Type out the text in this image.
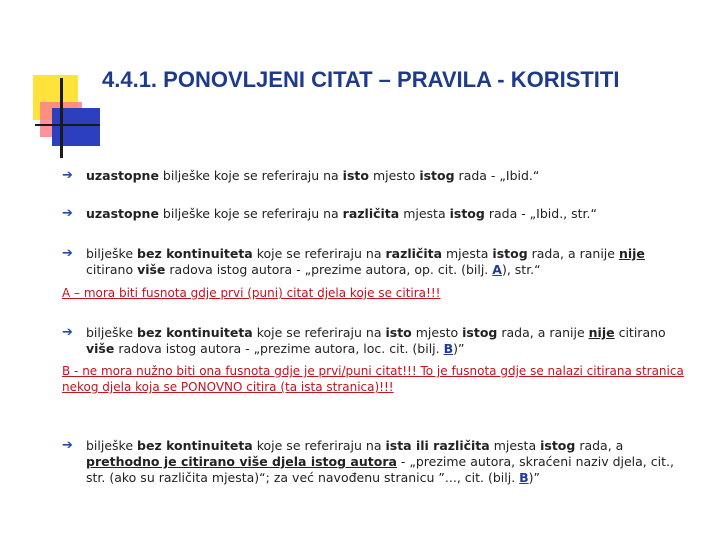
4.4.1. PONOVLJENI CITAT – PRAVILA - KORISTITI
➔ uzastopne bilješke koje se referiraju na isto mjesto istog rada - „Ibid.“
➔ uzastopne bilješke koje se referiraju na različita mjesta istog rada - „Ibid., str.“
➔ bilješke bez kontinuiteta koje se referiraju na različita mjesta istog rada, a ranije nije citirano više radova istog autora - „prezime autora, op. cit. (bilj. A), str.“
A – mora biti fusnota gdje prvi (puni) citat djela koje se citira!!!
➔ bilješke bez kontinuiteta koje se referiraju na isto mjesto istog rada, a ranije nije citirano više radova istog autora - „prezime autora, loc. cit. (bilj. B)”
B - ne mora nužno biti ona fusnota gdje je prvi/puni citat!!! To je fusnota gdje se nalazi citirana stranica nekog djela koja se PONOVNO citira (ta ista stranica)!!!
➔ bilješke bez kontinuiteta koje se referiraju na ista ili različita mjesta istog rada, a prethodno je citirano više djela istog autora - „prezime autora, skraćeni naziv djela, cit., str. (ako su različita mjesta)“; za već navođenu stranicu ”..., cit. (bilj. B)”
